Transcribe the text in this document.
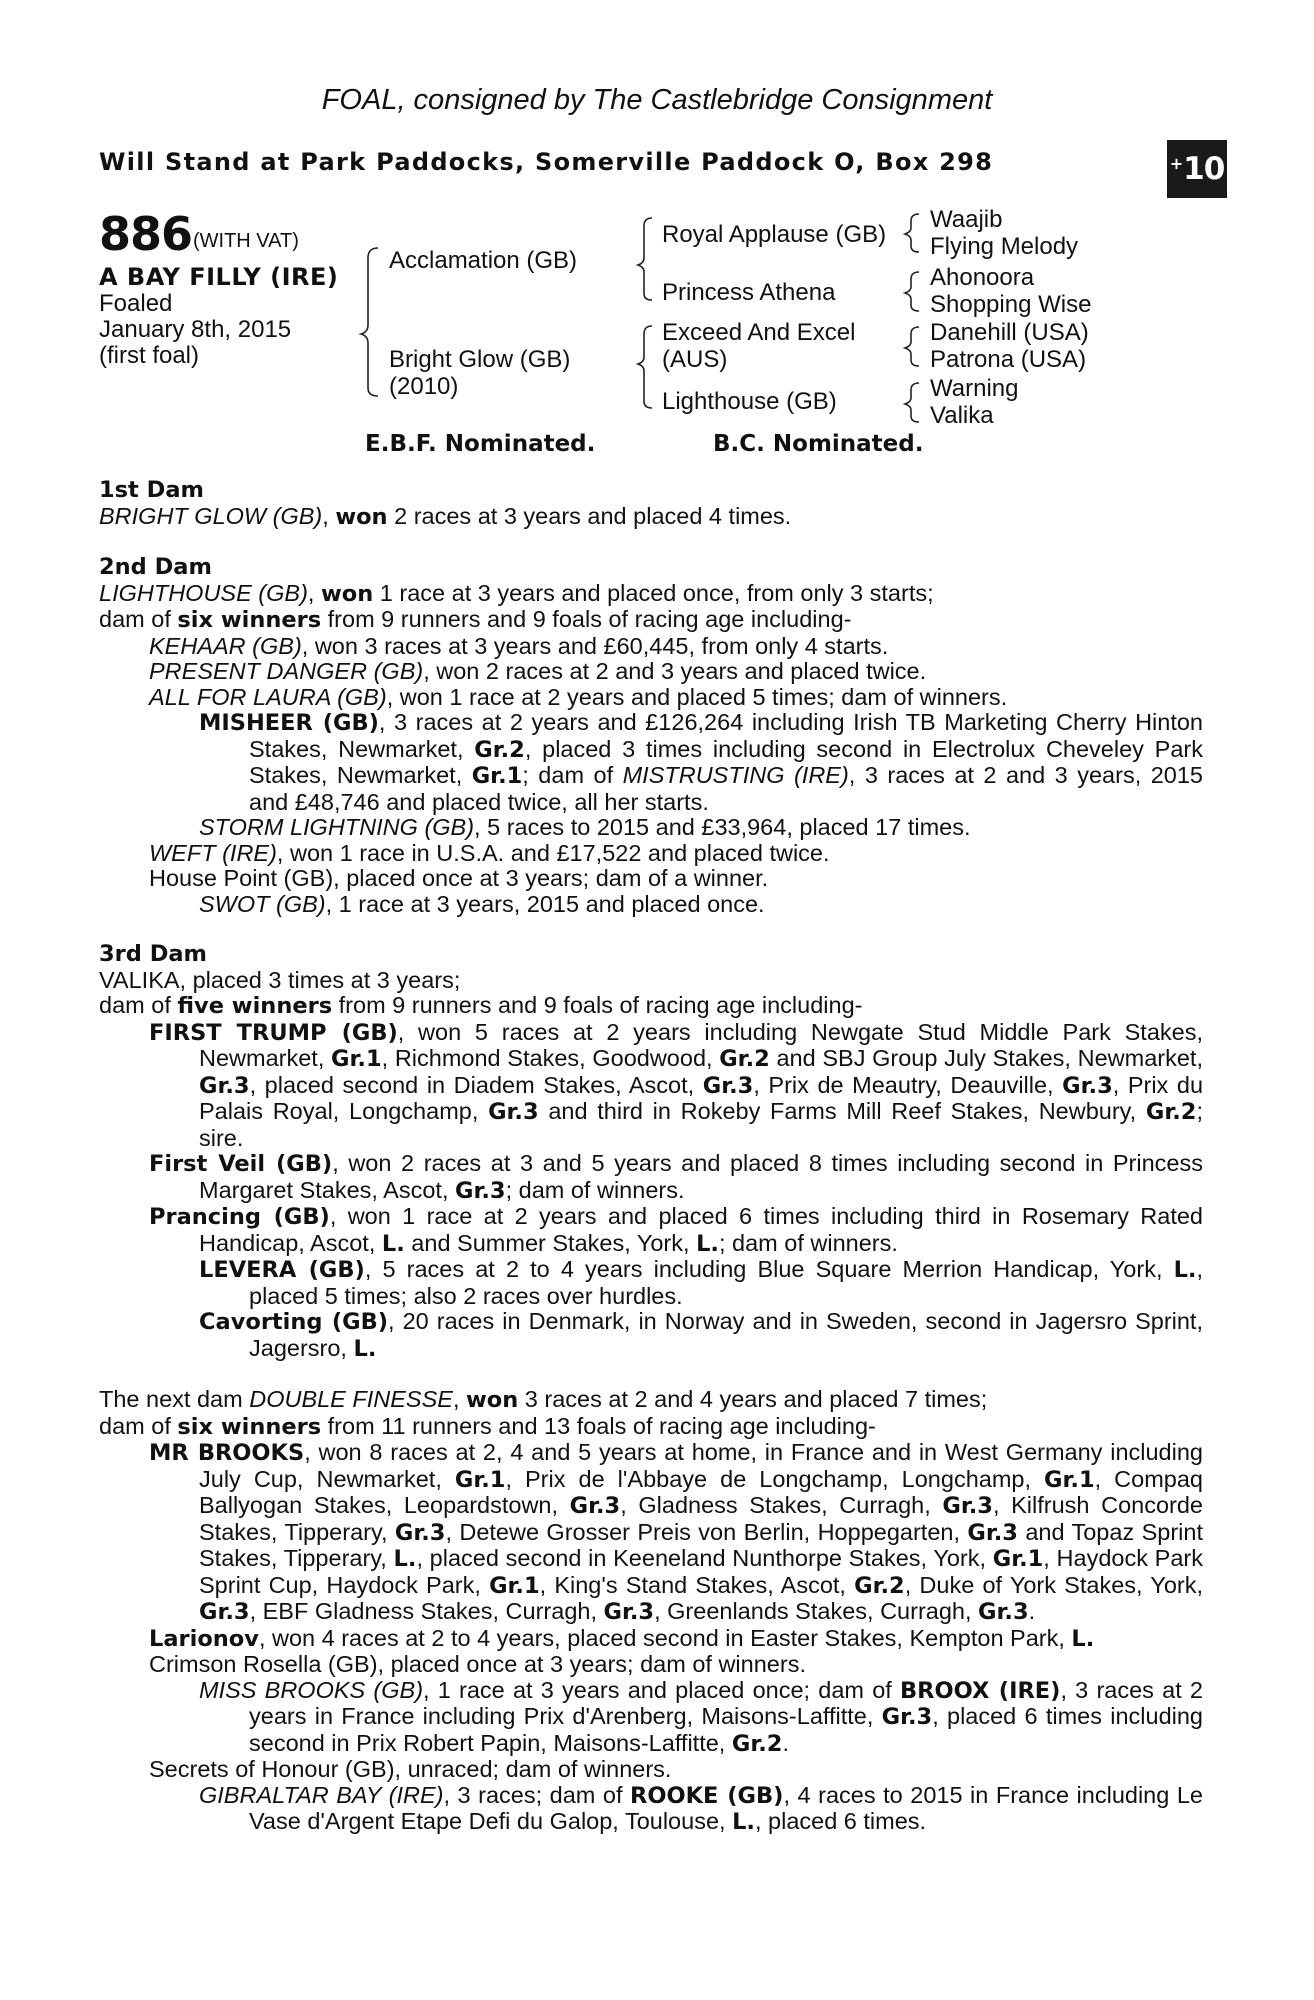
FOAL, consigned by The Castlebridge Consignment
Will Stand at Park Paddocks, Somerville Paddock O, Box 298	+ 10
886 (WITH VAT)
A BAY FILLY (IRE)
Foaled
January 8th, 2015
(first foal)
Acclamation (GB)
Bright Glow (GB)
(2010)
Royal Applause (GB)
Princess Athena
Exceed And Excel
(AUS)
Lighthouse (GB)
Waajib
Flying Melody
Ahonoora
Shopping Wise
Danehill (USA)
Patrona (USA)
Warning
Valika
E.B.F. Nominated.	B.C. Nominated.

1st Dam

BRIGHT GLOW (GB), won 2 races at 3 years and placed 4 times.

2nd Dam

LIGHTHOUSE (GB), won 1 race at 3 years and placed once, from only 3 starts;

dam of six winners from 9 runners and 9 foals of racing age including-

KEHAAR (GB), won 3 races at 3 years and £60,445, from only 4 starts.

PRESENT DANGER (GB), won 2 races at 2 and 3 years and placed twice.

ALL FOR LAURA (GB), won 1 race at 2 years and placed 5 times; dam of winners.

MISHEER (GB), 3 races at 2 years and £126,264 including Irish TB Marketing Cherry Hinton Stakes, Newmarket, Gr.2, placed 3 times including second in Electrolux Cheveley Park Stakes, Newmarket, Gr.1; dam of MISTRUSTING (IRE), 3 races at 2 and 3 years, 2015 and £48,746 and placed twice, all her starts.

STORM LIGHTNING (GB), 5 races to 2015 and £33,964, placed 17 times.

WEFT (IRE), won 1 race in U.S.A. and £17,522 and placed twice.

House Point (GB), placed once at 3 years; dam of a winner.

SWOT (GB), 1 race at 3 years, 2015 and placed once.

3rd Dam

VALIKA, placed 3 times at 3 years;

dam of five winners from 9 runners and 9 foals of racing age including-

FIRST TRUMP (GB), won 5 races at 2 years including Newgate Stud Middle Park Stakes, Newmarket, Gr.1, Richmond Stakes, Goodwood, Gr.2 and SBJ Group July Stakes, Newmarket, Gr.3, placed second in Diadem Stakes, Ascot, Gr.3, Prix de Meautry, Deauville, Gr.3, Prix du Palais Royal, Longchamp, Gr.3 and third in Rokeby Farms Mill Reef Stakes, Newbury, Gr.2; sire.

First Veil (GB), won 2 races at 3 and 5 years and placed 8 times including second in Princess Margaret Stakes, Ascot, Gr.3; dam of winners.

Prancing (GB), won 1 race at 2 years and placed 6 times including third in Rosemary Rated Handicap, Ascot, L. and Summer Stakes, York, L.; dam of winners.

LEVERA (GB), 5 races at 2 to 4 years including Blue Square Merrion Handicap, York, L., placed 5 times; also 2 races over hurdles.

Cavorting (GB), 20 races in Denmark, in Norway and in Sweden, second in Jagersro Sprint, Jagersro, L.

The next dam DOUBLE FINESSE, won 3 races at 2 and 4 years and placed 7 times;

dam of six winners from 11 runners and 13 foals of racing age including-

MR BROOKS, won 8 races at 2, 4 and 5 years at home, in France and in West Germany including July Cup, Newmarket, Gr.1, Prix de l'Abbaye de Longchamp, Longchamp, Gr.1, Compaq Ballyogan Stakes, Leopardstown, Gr.3, Gladness Stakes, Curragh, Gr.3, Kilfrush Concorde Stakes, Tipperary, Gr.3, Detewe Grosser Preis von Berlin, Hoppegarten, Gr.3 and Topaz Sprint Stakes, Tipperary, L., placed second in Keeneland Nunthorpe Stakes, York, Gr.1, Haydock Park Sprint Cup, Haydock Park, Gr.1, King's Stand Stakes, Ascot, Gr.2, Duke of York Stakes, York, Gr.3, EBF Gladness Stakes, Curragh, Gr.3, Greenlands Stakes, Curragh, Gr.3.

Larionov, won 4 races at 2 to 4 years, placed second in Easter Stakes, Kempton Park, L.

Crimson Rosella (GB), placed once at 3 years; dam of winners.

MISS BROOKS (GB), 1 race at 3 years and placed once; dam of BROOX (IRE), 3 races at 2 years in France including Prix d'Arenberg, Maisons-Laffitte, Gr.3, placed 6 times including second in Prix Robert Papin, Maisons-Laffitte, Gr.2.

Secrets of Honour (GB), unraced; dam of winners.

GIBRALTAR BAY (IRE), 3 races; dam of ROOKE (GB), 4 races to 2015 in France including Le Vase d'Argent Etape Defi du Galop, Toulouse, L., placed 6 times.
